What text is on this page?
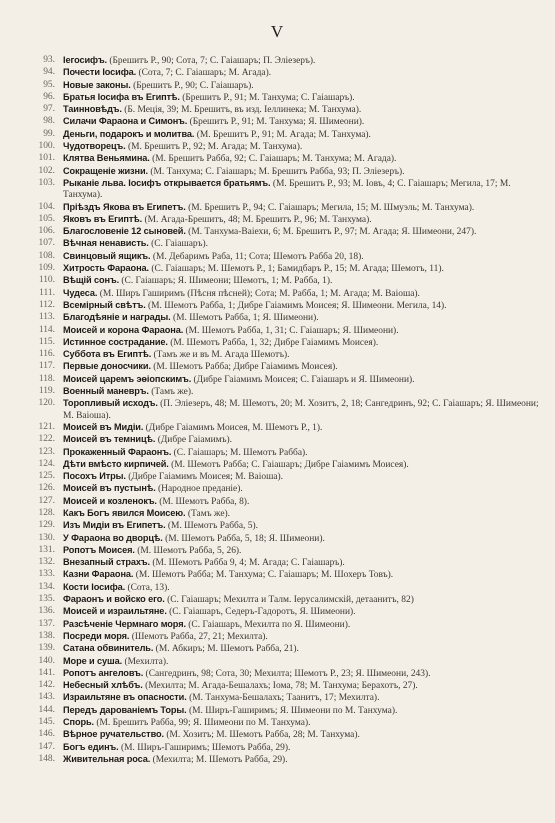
V
93. Iегосифъ. (Брешитъ Р., 90; Сота, 7; С. Гаiашаръ; П. Элiезеръ).
94. Почести Iосифа. (Сота, 7; С. Гаiашаръ; М. Агада).
95. Новые законы. (Брешитъ Р., 90; С. Гаiашаръ).
96. Братья Iосифа въ Египтѣ. (Брешитъ Р., 91; М. Танхума; С. Гаiашаръ).
97. Таинновѣдъ. (Б. Мецiя, 39; М. Брешитъ, въ изд. Iеллинека; М. Танхума).
98. Силачи Фараона и Симонъ. (Брешитъ Р., 91; М. Танхума; Я. Шимеони).
99. Деньги, подарокъ и молитва. (М. Брешитъ Р., 91; М. Агада; М. Танхума).
100. Чудотворецъ. (М. Брешитъ Р., 92; М. Агада; М. Танхума).
101. Клятва Веньямина. (М. Брешитъ Рабба, 92; С. Гаiашаръ; М. Танхума; М. Агада).
102. Сокращенiе жизни. (М. Танхума; С. Гаiашаръ; М. Брешитъ Рабба, 93; П. Элiезеръ).
103. Рыканiе льва. Iосифъ открывается братьямъ. (М. Брешитъ Р., 93; М. Iовъ, 4; С. Гаiашаръ; Мегила, 17; М. Танхума).
104. Прiѣздъ Якова въ Египетъ. (М. Брешитъ Р., 94; С. Гаiашаръ; Мегила, 15; М. Шмуэль; М. Танхума).
105. Яковъ въ Египтѣ. (М. Агада-Брешитъ, 48; М. Брешитъ Р., 96; М. Танхума).
106. Благословенiе 12 сыновей. (М. Танхума-Ваiехи, 6; М. Брешитъ Р., 97; М. Агада; Я. Шимеони, 247).
107. Вѣчная ненависть. (С. Гаiашаръ).
108. Свинцовый ящикъ. (М. Дебаримъ Раба, 11; Сота; Шемотъ Рабба 20, 18).
109. Хитрость Фараона. (С. Гаiашаръ; М. Шемотъ Р., 1; Бамидбаръ Р., 15; М. Агада; Шемотъ, 11).
110. Вѣщiй сонъ. (С. Гаiашаръ; Я. Шимеони; Шемотъ, 1; М. Рабба, 1).
111. Чудеса. (М. Ширъ Гаширимъ (Пѣсня пѣсней); Сота; М. Рабба, 1; М. Агада; М. Ваiоша).
112. Всемiрный свѣтъ. (М. Шемотъ Рабба, 1; Дибре Гаiамимъ Моисея; Я. Шимеони. Мегила, 14).
113. Благодѣянiе и награды. (М. Шемотъ Рабба, 1; Я. Шимеони).
114. Моисей и корона Фараона. (М. Шемотъ Рабба, 1, 31; С. Гаiашаръ; Я. Шимеони).
115. Истинное сострадание. (М. Шемотъ Рабба, 1, 32; Дибре Гаiамимъ Моисея).
116. Суббота въ Египтѣ. (Тамъ же и въ М. Агада Шемотъ).
117. Первые доносчики. (М. Шемотъ Рабба; Дибре Гаiамимъ Моисея).
118. Моисей царемъ эѳiопскимъ. (Дибре Гаiамимъ Моисея; С. Гаiашаръ и Я. Шимеони).
119. Военный маневръ. (Тамъ же).
120. Торопливый исходъ. (П. Элiезеръ, 48; М. Шемотъ, 20; М. Хозитъ, 2, 18; Сангедринъ, 92; С. Гаiашаръ; Я. Шимеони; М. Ваiоша).
121. Моисей въ Мидiи. (Дибре Гаiамимъ Моисея, М. Шемотъ Р., 1).
122. Моисей въ темницѣ. (Дибре Гаiамимъ).
123. Прокаженный Фараонъ. (С. Гаiашаръ; М. Шемотъ Рабба).
124. Дѣти вмѣсто кирпичей. (М. Шемотъ Рабба; С. Гаiашаръ; Дибре Гаiамимъ Моисея).
125. Посохъ Итры. (Дибре Гаiамимъ Моисея; М. Ваiоша).
126. Моисей въ пустынѣ. (Народное преданiе).
127. Моисей и козленокъ. (М. Шемотъ Рабба, 8).
128. Какъ Богъ явился Моисею. (Тамъ же).
129. Изъ Мидiи въ Египетъ. (М. Шемотъ Рабба, 5).
130. У Фараона во дворцѣ. (М. Шемотъ Рабба, 5, 18; Я. Шимеони).
131. Ропотъ Моисея. (М. Шемотъ Рабба, 5, 26).
132. Внезапный страхъ. (М. Шемотъ Рабба 9, 4; М. Агада; С. Гаiашаръ).
133. Казни Фараона. (М. Шемотъ Рабба; М. Танхума; С. Гаiашаръ; М. Шохеръ Товъ).
134. Кости Iосифа. (Сота, 13).
135. Фараонъ и войско его. (С. Гаiашаръ; Мехилта и Талм. Iерусалимскiй, детаанитъ, 82)
136. Моисей и израильтяне. (С. Гаiашаръ, Седеръ-Гадоротъ, Я. Шимеони).
137. Разсѣченiе Чермнаго моря. (С. Гаiашаръ, Мехилта по Я. Шимеони).
138. Посреди моря. (Шемотъ Рабба, 27, 21; Мехилта).
139. Сатана обвинитель. (М. Абкиръ; М. Шемотъ Рабба, 21).
140. Море и суша. (Мехилта).
141. Ропотъ ангеловъ. (Сангедринъ, 98; Сота, 30; Мехилта; Шемотъ Р., 23; Я. Шимеони, 243).
142. Небесный хлѣбъ. (Мехилта; М. Агада-Бешалахъ; Iома, 78; М. Танхума; Берахотъ, 27).
143. Израильтяне въ опасности. (М. Танхума-Бешалахъ; Таанитъ, 17; Мехилта).
144. Передъ дарованiемъ Торы. (М. Ширъ-Гаширимъ; Я. Шимеони по М. Танхума).
145. Спорь. (М. Брешитъ Рабба, 99; Я. Шимеони по М. Танхума).
146. Вѣрное ручательство. (М. Хозитъ; М. Шемотъ Рабба, 28; М. Танхума).
147. Богъ единъ. (М. Ширъ-Гаширимъ; Шемотъ Рабба, 29).
148. Живительная роса. (Мехилта; М. Шемотъ Рабба, 29).
